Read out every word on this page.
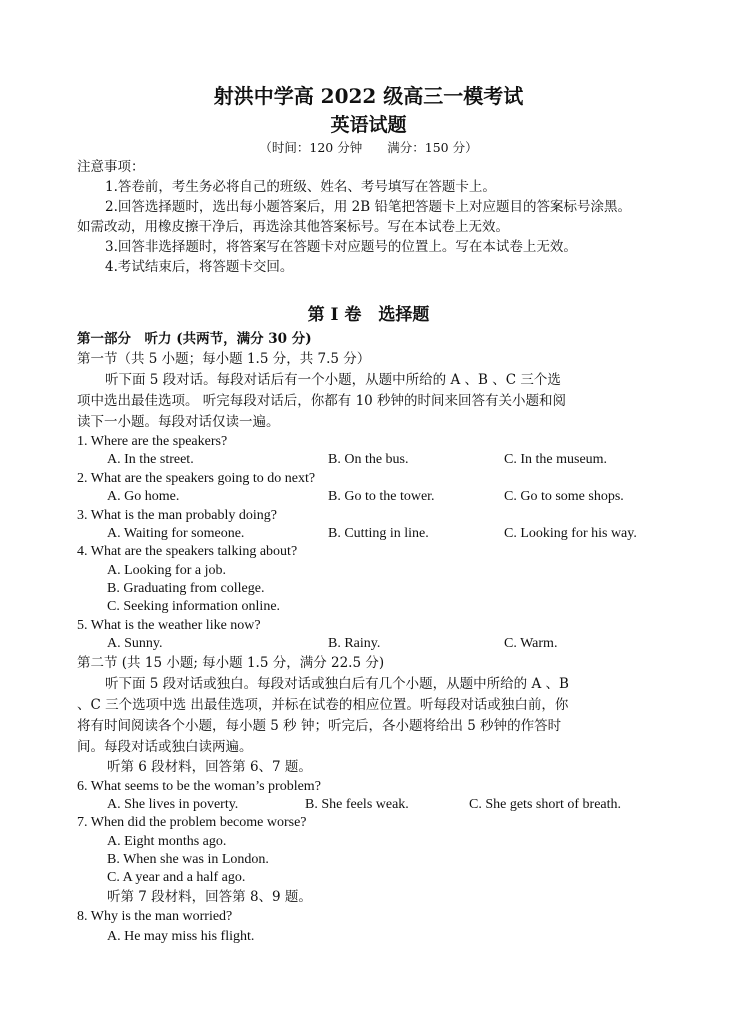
射洪中学高 2022 级高三一模考试
英语试题
（时间：120 分钟　　满分：150 分）
注意事项：
1.答卷前，考生务必将自己的班级、姓名、考号填写在答题卡上。
2.回答选择题时，选出每小题答案后，用 2B 铅笔把答题卡上对应题目的答案标号涂黑。
如需改动，用橡皮擦干净后，再选涂其他答案标号。写在本试卷上无效。
3.回答非选择题时，将答案写在答题卡对应题号的位置上。写在本试卷上无效。
4.考试结束后，将答题卡交回。
第 I 卷　选择题
第一部分　听力 (共两节，满分 30 分)
第一节（共 5 小题；每小题 1.5 分，共 7.5 分）
听下面 5 段对话。每段对话后有一个小题，从题中所给的 A 、B 、C 三个选
项中选出最佳选项。 听完每段对话后，你都有 10 秒钟的时间来回答有关小题和阅
读下一小题。每段对话仅读一遍。
1. Where are the speakers?
A. In the street.	B. On the bus.	C. In the museum.
2. What are the speakers going to do next?
A. Go home.	B. Go to the tower.	C. Go to some shops.
3. What is the man probably doing?
A. Waiting for someone.	B. Cutting in line.	C. Looking for his way.
4. What are the speakers talking about?
A. Looking for a job.
B. Graduating from college.
C. Seeking information online.
5. What is the weather like now?
A. Sunny.	B. Rainy.	C. Warm.
第二节 (共 15 小题; 每小题 1.5 分，满分 22.5 分)
听下面 5 段对话或独白。每段对话或独白后有几个小题，从题中所给的 A 、B
、C 三个选项中选 出最佳选项，并标在试卷的相应位置。听每段对话或独白前，你
将有时间阅读各个小题，每小题 5 秒 钟；听完后，各小题将给出 5 秒钟的作答时
间。每段对话或独白读两遍。
听第 6 段材料，回答第 6、7 题。
6. What seems to be the woman’s problem?
A. She lives in poverty.	B. She feels weak.	C. She gets short of breath.
7. When did the problem become worse?
A. Eight months ago.
B. When she was in London.
C. A year and a half ago.
听第 7 段材料，回答第 8、9 题。
8. Why is the man worried?
A. He may miss his flight.
